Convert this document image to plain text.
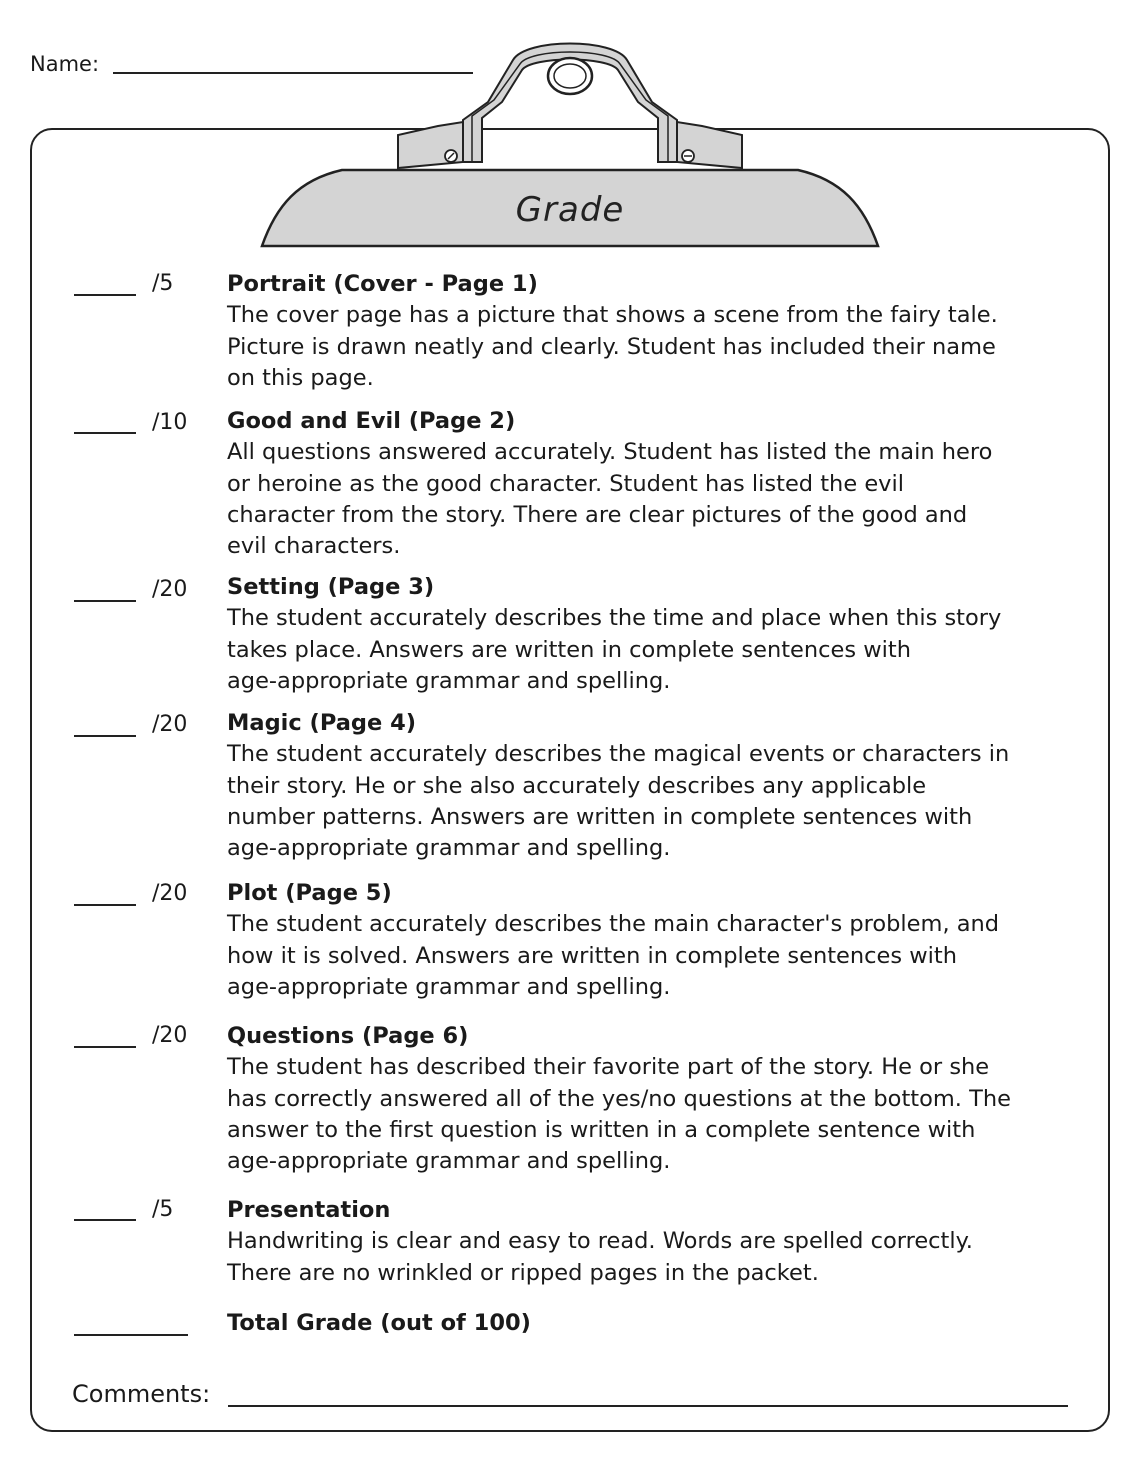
Name:
Grade
/5 Portrait (Cover - Page 1)
The cover page has a picture that shows a scene from the fairy tale.
Picture is drawn neatly and clearly. Student has included their name
on this page.
/10 Good and Evil (Page 2)
All questions answered accurately. Student has listed the main hero
or heroine as the good character. Student has listed the evil
character from the story. There are clear pictures of the good and
evil characters.
/20 Setting (Page 3)
The student accurately describes the time and place when this story
takes place. Answers are written in complete sentences with
age-appropriate grammar and spelling.
/20 Magic (Page 4)
The student accurately describes the magical events or characters in
their story. He or she also accurately describes any applicable
number patterns. Answers are written in complete sentences with
age-appropriate grammar and spelling.
/20 Plot (Page 5)
The student accurately describes the main character's problem, and
how it is solved. Answers are written in complete sentences with
age-appropriate grammar and spelling.
/20 Questions (Page 6)
The student has described their favorite part of the story. He or she
has correctly answered all of the yes/no questions at the bottom. The
answer to the first question is written in a complete sentence with
age-appropriate grammar and spelling.
/5 Presentation
Handwriting is clear and easy to read. Words are spelled correctly.
There are no wrinkled or ripped pages in the packet.
Total Grade (out of 100)
Comments:
